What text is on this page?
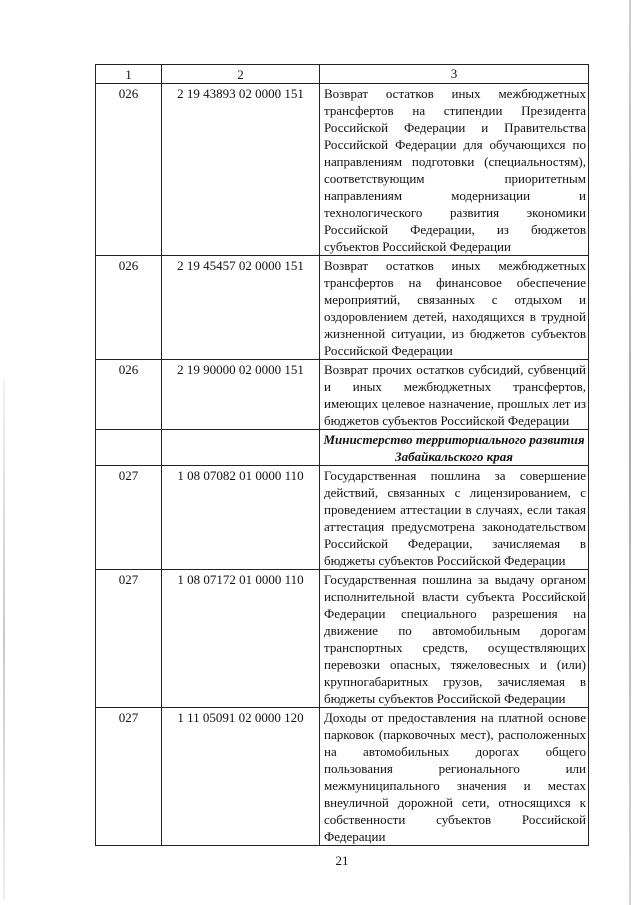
1	2	3
026	2 19 43893 02 0000 151	Возврат остатков иных межбюджетных трансфертов на стипендии Президента Российской Федерации и Правительства Российской Федерации для обучающихся по направлениям подготовки (специальностям), соответствующим приоритетным направлениям модернизации и технологического развития экономики Российской Федерации, из бюджетов субъектов Российской Федерации

026	2 19 45457 02 0000 151	Возврат остатков иных межбюджетных трансфертов на финансовое обеспечение мероприятий, связанных с отдыхом и оздоровлением детей, находящихся в трудной жизненной ситуации, из бюджетов субъектов Российской Федерации

026	2 19 90000 02 0000 151	Возврат прочих остатков субсидий, субвенций и иных межбюджетных трансфертов, имеющих целевое назначение, прошлых лет из бюджетов субъектов Российской Федерации

		Министерство территориального развития Забайкальского края

027	1 08 07082 01 0000 110	Государственная пошлина за совершение действий, связанных с лицензированием, с проведением аттестации в случаях, если такая аттестация предусмотрена законодательством Российской Федерации, зачисляемая в бюджеты субъектов Российской Федерации

027	1 08 07172 01 0000 110	Государственная пошлина за выдачу органом исполнительной власти субъекта Российской Федерации специального разрешения на движение по автомобильным дорогам транспортных средств, осуществляющих перевозки опасных, тяжеловесных и (или) крупногабаритных грузов, зачисляемая в бюджеты субъектов Российской Федерации

027	1 11 05091 02 0000 120	Доходы от предоставления на платной основе парковок (парковочных мест), расположенных на автомобильных дорогах общего пользования регионального или межмуниципального значения и местах внеуличной дорожной сети, относящихся к собственности субъектов Российской Федерации
21
